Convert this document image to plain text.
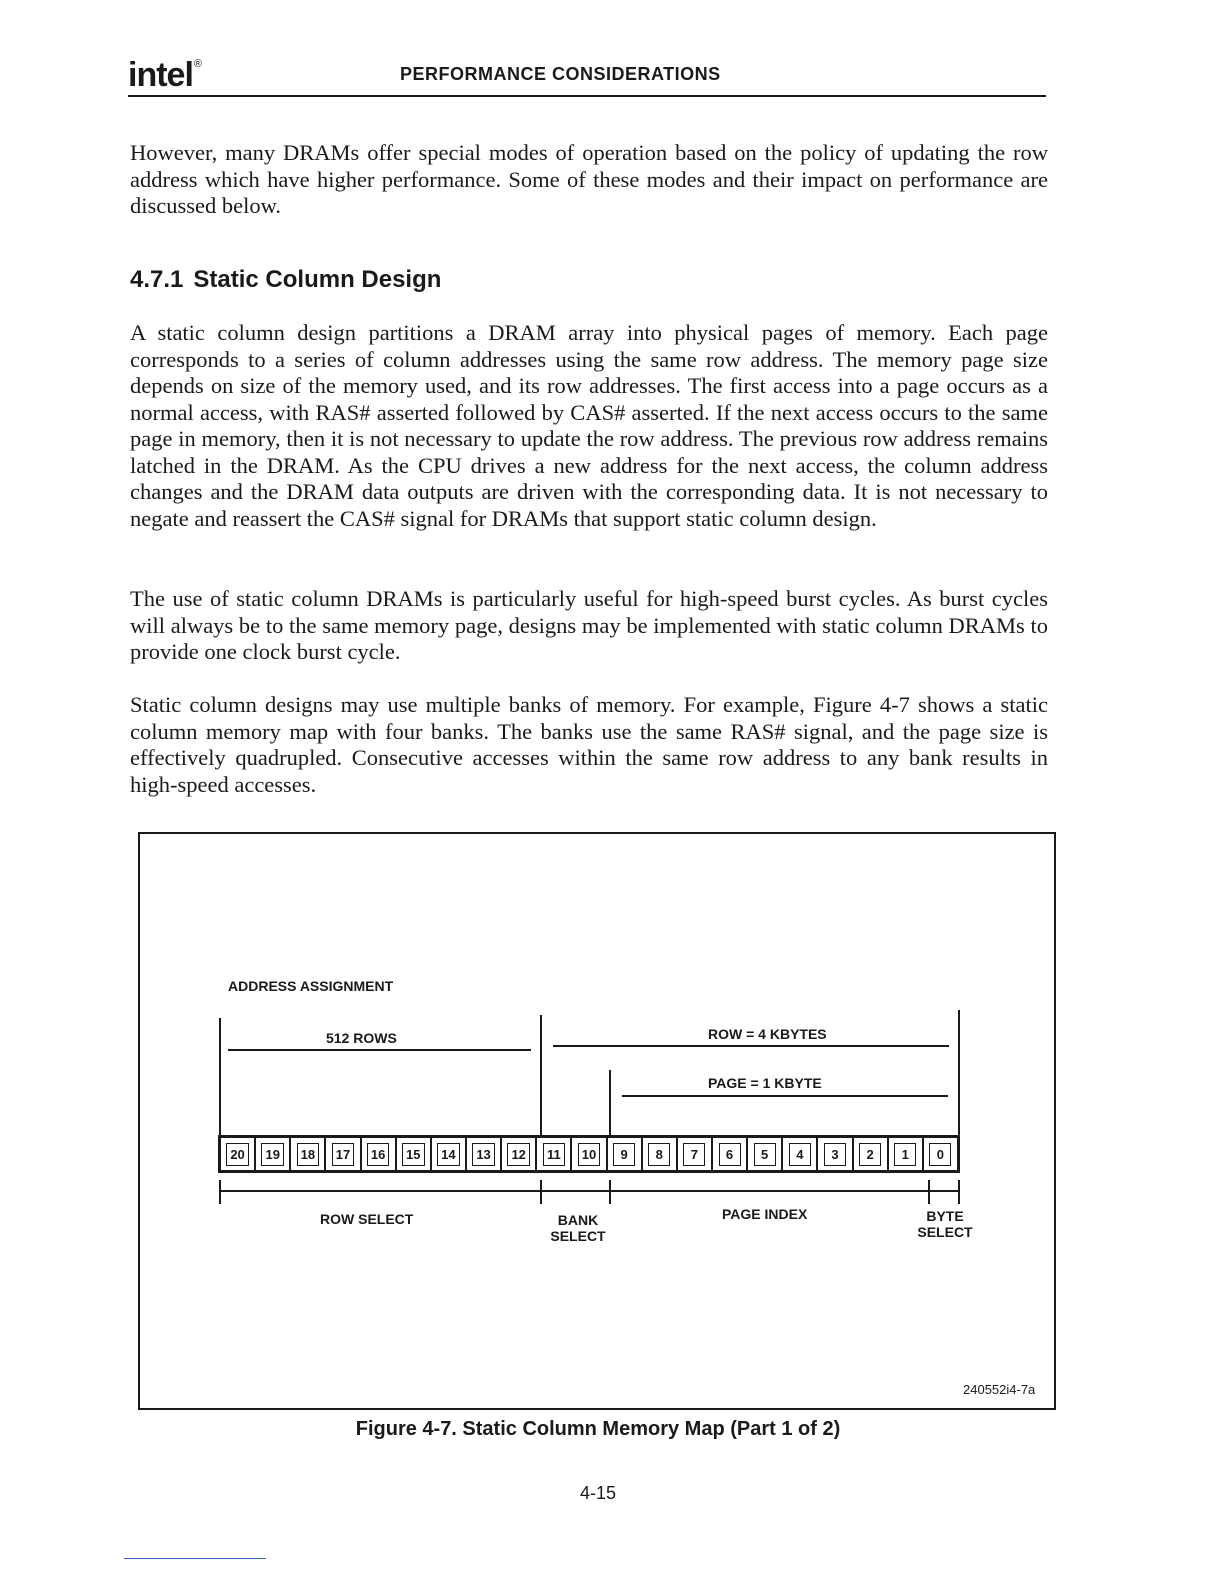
intel®	PERFORMANCE CONSIDERATIONS

However, many DRAMs offer special modes of operation based on the policy of updating the row address which have higher performance. Some of these modes and their impact on performance are discussed below.

4.7.1 Static Column Design

A static column design partitions a DRAM array into physical pages of memory. Each page corresponds to a series of column addresses using the same row address. The memory page size depends on size of the memory used, and its row addresses. The first access into a page occurs as a normal access, with RAS# asserted followed by CAS# asserted. If the next access occurs to the same page in memory, then it is not necessary to update the row address. The previous row address remains latched in the DRAM. As the CPU drives a new address for the next access, the column address changes and the DRAM data outputs are driven with the corresponding data. It is not necessary to negate and reassert the CAS# signal for DRAMs that support static column design.

The use of static column DRAMs is particularly useful for high-speed burst cycles. As burst cycles will always be to the same memory page, designs may be implemented with static column DRAMs to provide one clock burst cycle.

Static column designs may use multiple banks of memory. For example, Figure 4-7 shows a static column memory map with four banks. The banks use the same RAS# signal, and the page size is effectively quadrupled. Consecutive accesses within the same row address to any bank results in high-speed accesses.

ADDRESS ASSIGNMENT
512 ROWS	ROW = 4 KBYTES
PAGE = 1 KBYTE
20	19	18	17	16	15	14	13	12	11	10	9	8	7	6	5	4	3	2	1	0
ROW SELECT	BANK
SELECT
PAGE INDEX	BYTE
SELECT
240552i4-7a
Figure 4-7. Static Column Memory Map (Part 1 of 2)
4-15
